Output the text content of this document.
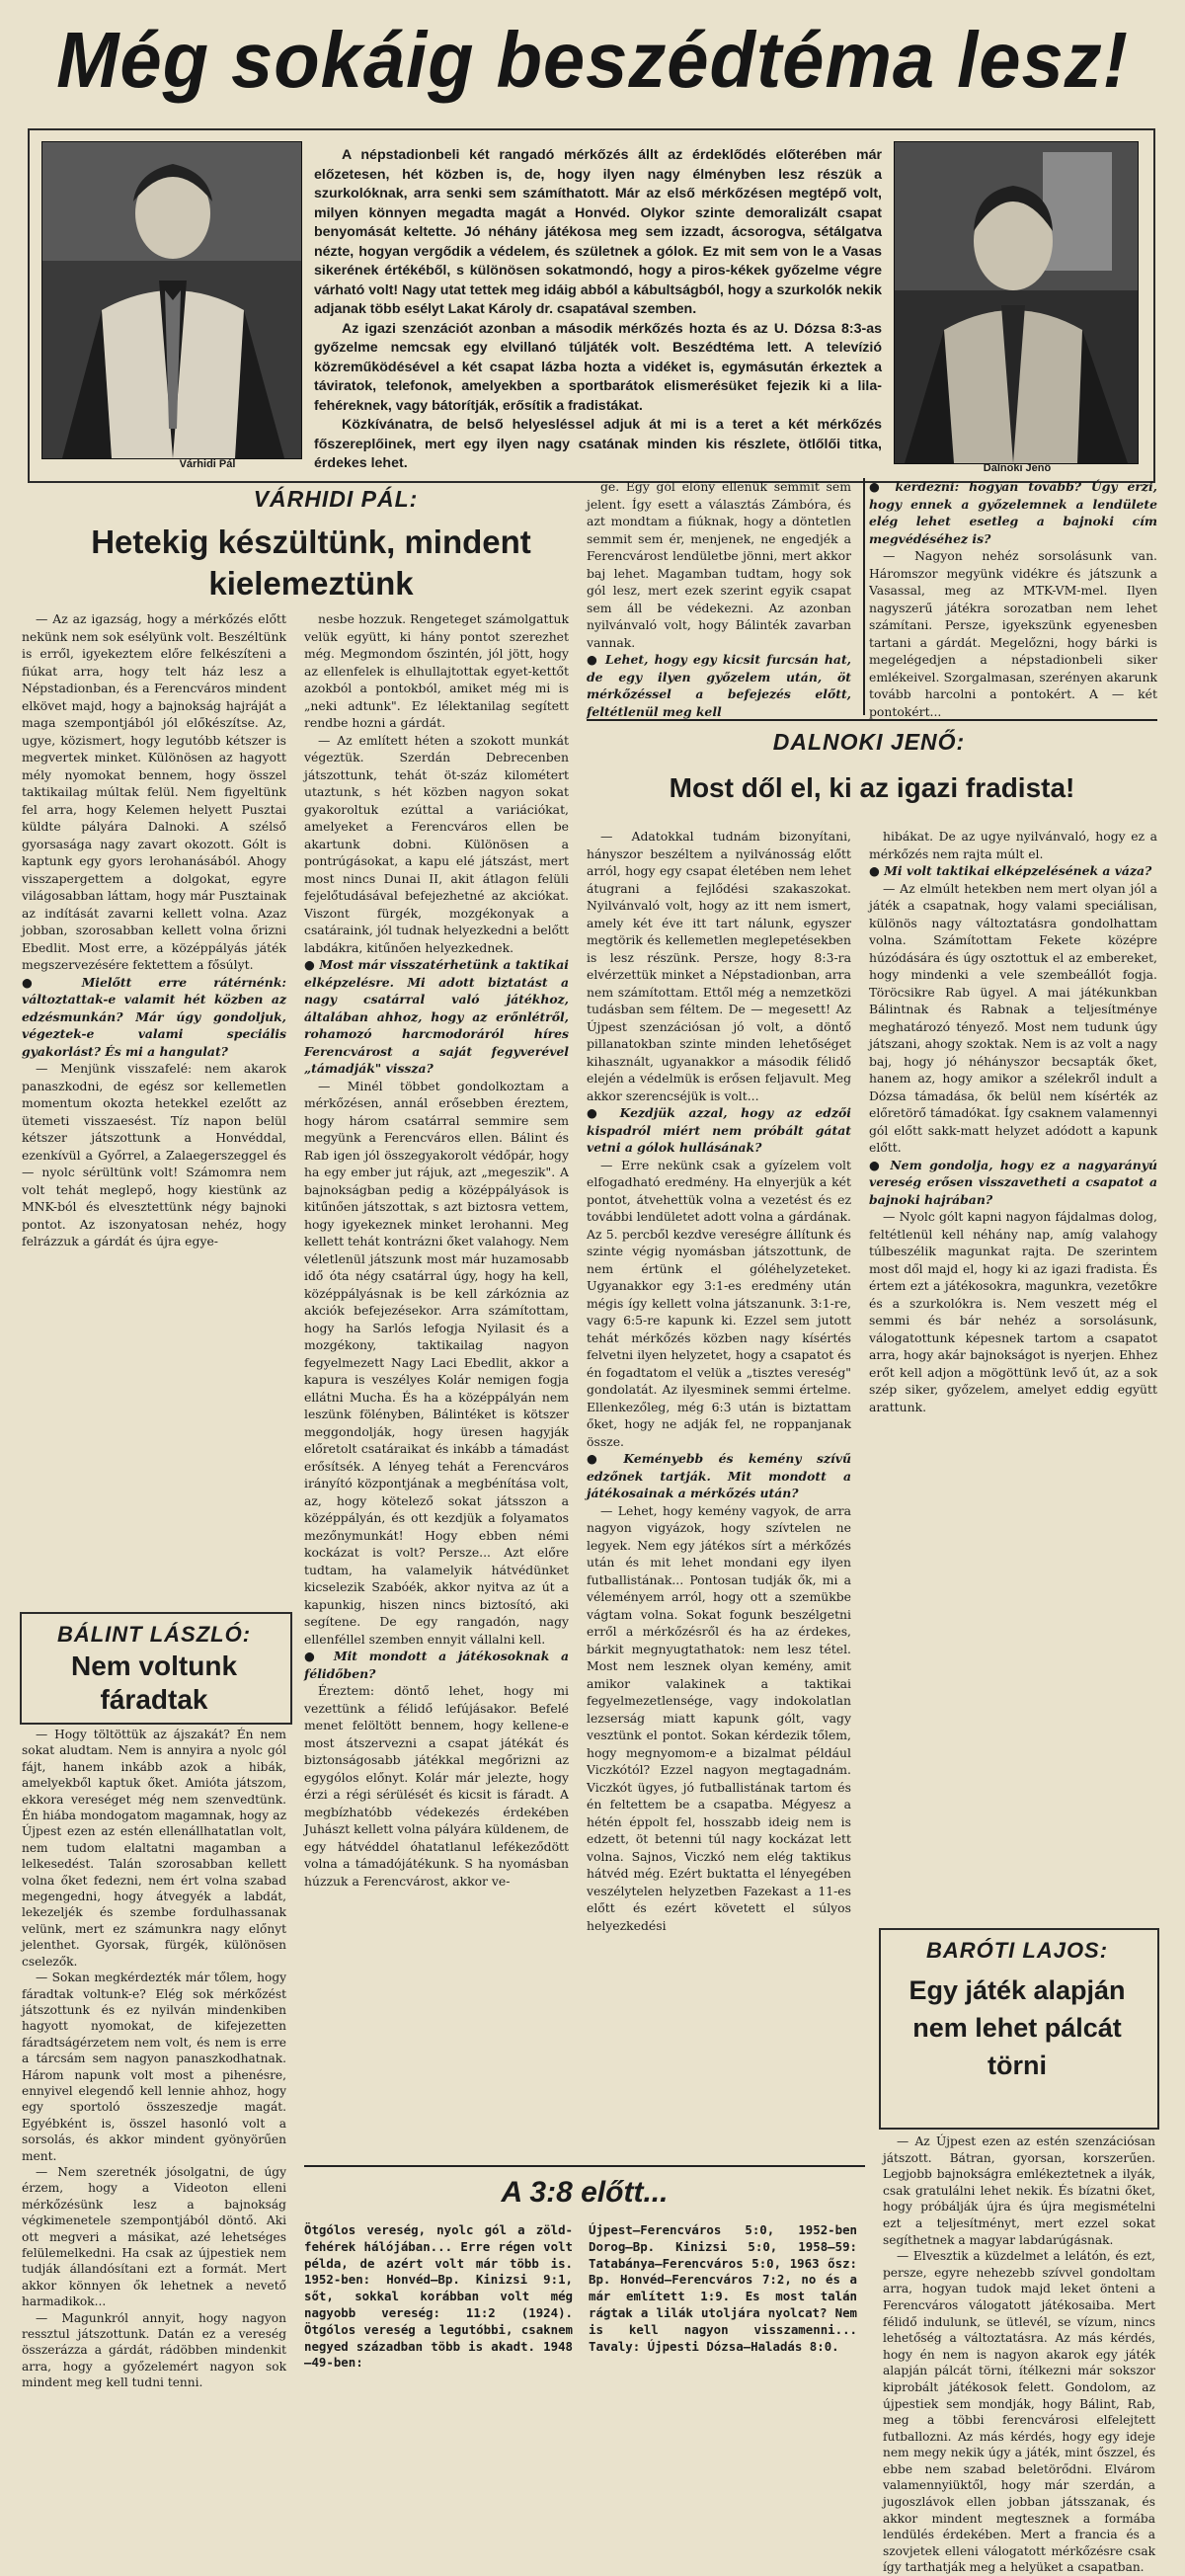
Még sokáig beszédtéma lesz!
Várhidi Pál	Dalnoki Jenő

A népstadionbeli két rangadó mérkőzés állt az érdeklődés előterében már előzetesen, hét közben is, de, hogy ilyen nagy élményben lesz részük a szurkolóknak, arra senki sem számíthatott. Már az első mérkőzésen megtépő volt, milyen könnyen megadta magát a Honvéd. Olykor szinte demoralizált csapat benyomását keltette. Jó néhány játékosa meg sem izzadt, ácsorogva, sétálgatva nézte, hogyan vergődik a védelem, és születnek a gólok. Ez mit sem von le a Vasas sikerének értékéből, s különösen sokatmondó, hogy a piros-kékek győzelme végre várható volt! Nagy utat tettek meg idáig abból a kábultságból, hogy a szurkolók nekik adjanak több esélyt Lakat Károly dr. csapatával szemben.

Az igazi szenzációt azonban a második mérkőzés hozta és az U. Dózsa 8:3-as győzelme nemcsak egy elvillanó túljáték volt. Beszédtéma lett. A televízió közreműködésével a két csapat lázba hozta a vidéket is, egymásután érkeztek a táviratok, telefonok, amelyekben a sportbarátok elismerésüket fejezik ki a lila-fehéreknek, vagy bátorítják, erősítik a fradistákat.

Közkívánatra, de belső helyesléssel adjuk át mi is a teret a két mérkőzés főszereplőinek, mert egy ilyen nagy csatának minden kis részlete, ötlőlői titka, érdekes lehet.

VÁRHIDI PÁL:
Hetekig készültünk, mindent kielemeztünk

— Az az igazság, hogy a mérkőzés előtt nekünk nem sok esélyünk volt. Beszéltünk is erről, igyekeztem előre felkészíteni a fiúkat arra, hogy telt ház lesz a Népstadionban, és a Ferencváros mindent elkövet majd, hogy a bajnokság hajráját a maga szempontjából jól előkészítse. Az, ugye, közismert, hogy legutóbb kétszer is megvertek minket. Különösen az hagyott mély nyomokat bennem, hogy összel taktikailag múltak felül. Nem figyeltünk fel arra, hogy Kelemen helyett Pusztai küldte pályára Dalnoki. A szélső gyorsasága nagy zavart okozott. Gólt is kaptunk egy gyors lerohanásából. Ahogy visszapergettem a dolgokat, egyre világosabban láttam, hogy már Pusztainak az indítását zavarni kellett volna. Azaz jobban, szorosabban kellett volna őrizni Ebedlit. Most erre, a középpályás játék megszervezésére fektettem a fősúlyt.

● Mielőtt erre rátérnénk: változtattak-e valamit hét közben az edzésmunkán? Már úgy gondoljuk, végeztek-e valami speciális gyakorlást? És mi a hangulat?

— Menjünk visszafelé: nem akarok panaszkodni, de egész sor kellemetlen momentum okozta hetekkel ezelőtt az ütemeti visszaesést. Tíz napon belül kétszer játszottunk a Honvéddal, ezenkívül a Győrrel, a Zalaegerszeggel és — nyolc sérültünk volt! Számomra nem volt tehát meglepő, hogy kiestünk az MNK-ból és elvesztettünk négy bajnoki pontot. Az iszonyatosan nehéz, hogy felrázzuk a gárdát és újra egye-

nesbe hozzuk. Rengeteget számolgattuk velük együtt, ki hány pontot szerezhet még. Megmondom őszintén, jól jött, hogy az ellenfelek is elhullajtottak egyet-kettőt azokból a pontokból, amiket még mi is „neki adtunk". Ez lélektanilag segített rendbe hozni a gárdát.

— Az említett héten a szokott munkát végeztük. Szerdán Debrecenben játszottunk, tehát öt-száz kilométert utaztunk, s hét közben nagyon sokat gyakoroltuk ezúttal a variációkat, amelyeket a Ferencváros ellen be akartunk dobni. Különösen a pontrúgásokat, a kapu elé játszást, mert most nincs Dunai II, akit átlagon felüli fejelőtudásával befejezhetné az akciókat. Viszont fürgék, mozgékonyak a csatáraink, jól tudnak helyezkedni a belőtt labdákra, kitűnően helyezkednek.

● Most már visszatérhetünk a taktikai elképzelésre. Mi adott biztatást a nagy csatárral való játékhoz, általában ahhoz, hogy az erőnlétről, rohamozó harcmodoráról híres Ferencvárost a saját fegyverével „támadják" vissza?

— Minél többet gondolkoztam a mérkőzésen, annál erősebben éreztem, hogy három csatárral semmire sem megyünk a Ferencváros ellen. Bálint és Rab igen jól összegyakorolt védőpár, hogy ha egy ember jut rájuk, azt „megeszik". A bajnokságban pedig a középpályások is kitűnően játszottak, s azt biztosra vettem, hogy igyekeznek minket lerohanni. Meg kellett tehát kontrázni őket valahogy. Nem véletlenül játszunk most már huzamosabb idő óta négy csatárral úgy, hogy ha kell, középpályásnak is be kell zárkóznia az akciók befejezésekor. Arra számítottam, hogy ha Sarlós lefogja Nyilasit és a mozgékony, taktikailag nagyon fegyelmezett Nagy Laci Ebedlit, akkor a kapura is veszélyes Kolár nemigen fogja ellátni Mucha. És ha a középpályán nem leszünk fölényben, Bálintéket is kötszer meggondolják, hogy üresen hagyják előretolt csatáraikat és inkább a támadást erősítsék. A lényeg tehát a Ferencváros irányító központjának a megbénítása volt, az, hogy kötelező sokat játsszon a középpályán, és ott kezdjük a folyamatos mezőnymunkát! Hogy ebben némi kockázat is volt? Persze... Azt előre tudtam, ha valamelyik hátvédünket kicselezik Szabóék, akkor nyitva az út a kapunkig, hiszen nincs biztosító, aki segítene. De egy rangadón, nagy ellenféllel szemben ennyit vállalni kell.

● Mit mondott a játékosoknak a félidőben?

Éreztem: döntő lehet, hogy mi vezettünk a félidő lefújásakor. Befelé menet felöltött bennem, hogy kellene-e most átszervezni a csapat játékát és biztonságosabb játékkal megőrizni az egygólos előnyt. Kolár már jelezte, hogy érzi a régi sérülését és kicsit is fáradt. A megbízhatóbb védekezés érdekében Juhászt kellett volna pályára küldenem, de egy hátvéddel óhatatlanul lefékeződött volna a támadójátékunk. S ha nyomásban húzzuk a Ferencvárost, akkor ve-

ge. Egy gól előny ellenük semmit sem jelent. Így esett a választás Zámbóra, és azt mondtam a fiúknak, hogy a döntetlen semmit sem ér, menjenek, ne engedjék a Ferencvárost lendületbe jönni, mert akkor baj lehet. Magamban tudtam, hogy sok gól lesz, mert ezek szerint egyik csapat sem áll be védekezni. Az azonban nyilvánvaló volt, hogy Bálinték zavarban vannak.

● Lehet, hogy egy kicsit furcsán hat, de egy ilyen győzelem után, öt mérkőzéssel a befejezés előtt, feltétlenül meg kell

● kérdezni: hogyan tovább? Úgy érzi, hogy ennek a győzelemnek a lendülete elég lehet esetleg a bajnoki cím megvédéséhez is?

— Nagyon nehéz sorsolásunk van. Háromszor megyünk vidékre és játszunk a Vasassal, meg az MTK-VM-mel. Ilyen nagyszerű játékra sorozatban nem lehet számítani. Persze, igyekszünk egyenesben tartani a gárdát. Megelőzni, hogy bárki is megelégedjen a népstadionbeli siker emlékeivel. Szorgalmasan, szerényen akarunk tovább harcolni a pontokért. A — két pontokért...

DALNOKI JENŐ:
Most dől el, ki az igazi fradista!

— Adatokkal tudnám bizonyítani, hányszor beszéltem a nyilvánosság előtt arról, hogy egy csapat életében nem lehet átugrani a fejlődési szakaszokat. Nyilvánvaló volt, hogy az itt nem ismert, amely két éve itt tart nálunk, egyszer megtörik és kellemetlen meglepetésekben is lesz részünk. Persze, hogy 8:3-ra elvérzettük minket a Népstadionban, arra nem számítottam. Ettől még a nemzetközi tudásban sem féltem. De — megesett! Az Újpest szenzációsan jó volt, a döntő pillanatokban szinte minden lehetőséget kihasznált, ugyanakkor a második félidő elején a védelmük is erősen feljavult. Meg akkor szerencséjük is volt...

● Kezdjük azzal, hogy az edzői kispadról miért nem próbált gátat vetni a gólok hullásának?

— Erre nekünk csak a gyízelem volt elfogadható eredmény. Ha elnyerjük a két pontot, átvehettük volna a vezetést és ez további lendületet adott volna a gárdának. Az 5. percből kezdve vereségre állítunk és szinte végig nyomásban játszottunk, de nem értünk el góléhelyzeteket. Ugyanakkor egy 3:1-es eredmény után mégis így kellett volna játszanunk. 3:1-re, vagy 6:5-re kapunk ki. Ezzel sem jutott tehát mérkőzés közben nagy kísértés felvetni ilyen helyzetet, hogy a csapatot és én fogadtatom el velük a „tisztes vereség" gondolatát. Az ilyesminek semmi értelme. Ellenkezőleg, még 6:3 után is biztattam őket, hogy ne adják fel, ne roppanjanak össze.

● Keményebb és kemény szívű edzőnek tartják. Mit mondott a játékosainak a mérkőzés után?

— Lehet, hogy kemény vagyok, de arra nagyon vigyázok, hogy szívtelen ne legyek. Nem egy játékos sírt a mérkőzés után és mit lehet mondani egy ilyen futballistának... Pontosan tudják ők, mi a véleményem arról, hogy ott a szemükbe vágtam volna. Sokat fogunk beszélgetni erről a mérkőzésről és ha az érdekes, bárkit megnyugtathatok: nem lesz tétel. Most nem lesznek olyan kemény, amit amikor valakinek a taktikai fegyelmezetlensége, vagy indokolatlan lezserság miatt kapunk gólt, vagy vesztünk el pontot. Sokan kérdezik tőlem, hogy megnyomom-e a bizalmat például Viczkótól? Ezzel nagyon megtagadnám. Viczkót ügyes, jó futballistának tartom és én feltettem be a csapatba. Mégyesz a hétén éppolt fel, hosszabb ideig nem is edzett, öt betenni túl nagy kockázat lett volna. Sajnos, Viczkó nem elég taktikus hátvéd még. Ezért buktatta el lényegében veszélytelen helyzetben Fazekast a 11-es előtt és ezért követett el súlyos helyezkedési

hibákat. De az ugye nyilvánvaló, hogy ez a mérkőzés nem rajta múlt el.

● Mi volt taktikai elképzelésének a váza?

— Az elmúlt hetekben nem mert olyan jól a játék a csapatnak, hogy valami speciálisan, különös nagy változtatásra gondolhattam volna. Számítottam Fekete középre húzódására és úgy osztottuk el az embereket, hogy mindenki a vele szembeállót fogja. Töröcsikre Rab ügyel. A mai játékunkban Bálintnak és Rabnak a teljesítménye meghatározó tényező. Most nem tudunk úgy játszani, ahogy szoktak. Nem is az volt a nagy baj, hogy jó néhányszor becsapták őket, hanem az, hogy amikor a szélekről indult a Dózsa támadása, ők belül nem kísérték az előretörő támadókat. Így csaknem valamennyi gól előtt sakk-matt helyzet adódott a kapunk előtt.

● Nem gondolja, hogy ez a nagyarányú vereség erősen visszavetheti a csapatot a bajnoki hajrában?

— Nyolc gólt kapni nagyon fájdalmas dolog, feltétlenül kell néhány nap, amíg valahogy túlbeszélik magunkat rajta. De szerintem most dől majd el, hogy ki az igazi fradista. És értem ezt a játékosokra, magunkra, vezetőkre és a szurkolókra is. Nem veszett még el semmi és bár nehéz a sorsolásunk, válogatottunk képesnek tartom a csapatot arra, hogy akár bajnokságot is nyerjen. Ehhez erőt kell adjon a mögöttünk levő út, az a sok szép siker, győzelem, amelyet eddig együtt arattunk.

BÁLINT LÁSZLÓ:
Nem voltunk fáradtak

— Hogy töltöttük az ájszakát? Én nem sokat aludtam. Nem is annyira a nyolc gól fájt, hanem inkább azok a hibák, amelyekből kaptuk őket. Amióta játszom, ekkora vereséget még nem szenvedtünk. Én hiába mondogatom magamnak, hogy az Újpest ezen az estén ellenállhatatlan volt, nem tudom elaltatni magamban a lelkesedést. Talán szorosabban kellett volna őket fedezni, nem ért volna szabad megengedni, hogy átvegyék a labdát, lekezeljék és szembe fordulhassanak velünk, mert ez számunkra nagy előnyt jelenthet. Gyorsak, fürgék, különösen cselezők.

— Sokan megkérdezték már tőlem, hogy fáradtak voltunk-e? Elég sok mérkőzést játszottunk és ez nyilván mindenkiben hagyott nyomokat, de kifejezetten fáradtságérzetem nem volt, és nem is erre a tárcsám sem nagyon panaszkodhatnak. Három napunk volt most a pihenésre, ennyivel elegendő kell lennie ahhoz, hogy egy sportoló összeszedje magát. Egyébként is, összel hasonló volt a sorsolás, és akkor mindent gyönyörűen ment.

— Nem szeretnék jósolgatni, de úgy érzem, hogy a Videoton elleni mérkőzésünk lesz a bajnokság végkimenetele szempontjából döntő. Aki ott megveri a másikat, azé lehetséges felülemelkedni. Ha csak az újpestiek nem tudják állandósítani ezt a formát. Mert akkor könnyen ők lehetnek a nevető harmadikok...

— Magunkról annyit, hogy nagyon ressztul játszottunk. Datán ez a vereség összerázza a gárdát, rádöbben mindenkit arra, hogy a győzelemért nagyon sok mindent meg kell tudni tenni.

BARÓTI LAJOS:
Egy játék alapján nem lehet pálcát törni

— Az Újpest ezen az estén szenzációsan játszott. Bátran, gyorsan, korszerűen. Legjobb bajnokságra emlékeztetnek a ilyák, csak gratulálni lehet nekik. És bízatni őket, hogy próbálják újra és újra megismételni ezt a teljesítményt, mert ezzel sokat segíthetnek a magyar labdarúgásnak.

— Elvesztik a küzdelmet a lelátón, és ezt, persze, egyre nehezebb szívvel gondoltam arra, hogyan tudok majd leket önteni a Ferencváros válogatott játékosaiba. Mert félidő indulunk, se ütlevél, se vízum, nincs lehetőség a változtatásra. Az más kérdés, hogy én nem is nagyon akarok egy játék alapján pálcát törni, ítélkezni már sokszor kiprobált játékosok felett. Gondolom, az újpestiek sem mondják, hogy Bálint, Rab, meg a többi ferencvárosi elfelejtett futballozni. Az más kérdés, hogy egy ideje nem megy nekik úgy a játék, mint őszzel, és ebbe nem szabad beletörődni. Elvárom valamennyiüktől, hogy már szerdán, a jugoszlávok ellen jobban játsszanak, és akkor mindent megtesznek a formába lendülés érdekében. Mert a francia és a szovjetek elleni válogatott mérkőzésre csak így tarthatják meg a helyüket a csapatban.

A 3:8 előtt...
Ötgólos vereség, nyolc gól a zöld-fehérek hálójában... Erre régen volt példa, de azért volt már több is. 1952-ben: Honvéd—Bp. Kinizsi 9:1, sőt, sokkal korábban volt még nagyobb vereség: 11:2 (1924). Ötgólos vereség a legutóbbi, csaknem negyed században több is akadt. 1948—49-ben:
Újpest—Ferencváros 5:0, 1952-ben Dorog—Bp. Kinizsi 5:0, 1958—59: Tatabánya—Ferencváros 5:0, 1963 ősz: Bp. Honvéd—Ferencváros 7:2, no és a már említett 1:9. Es most talán rágtak a lilák utoljára nyolcat? Nem is kell nagyon visszamenni... Tavaly: Újpesti Dózsa—Haladás 8:0.
